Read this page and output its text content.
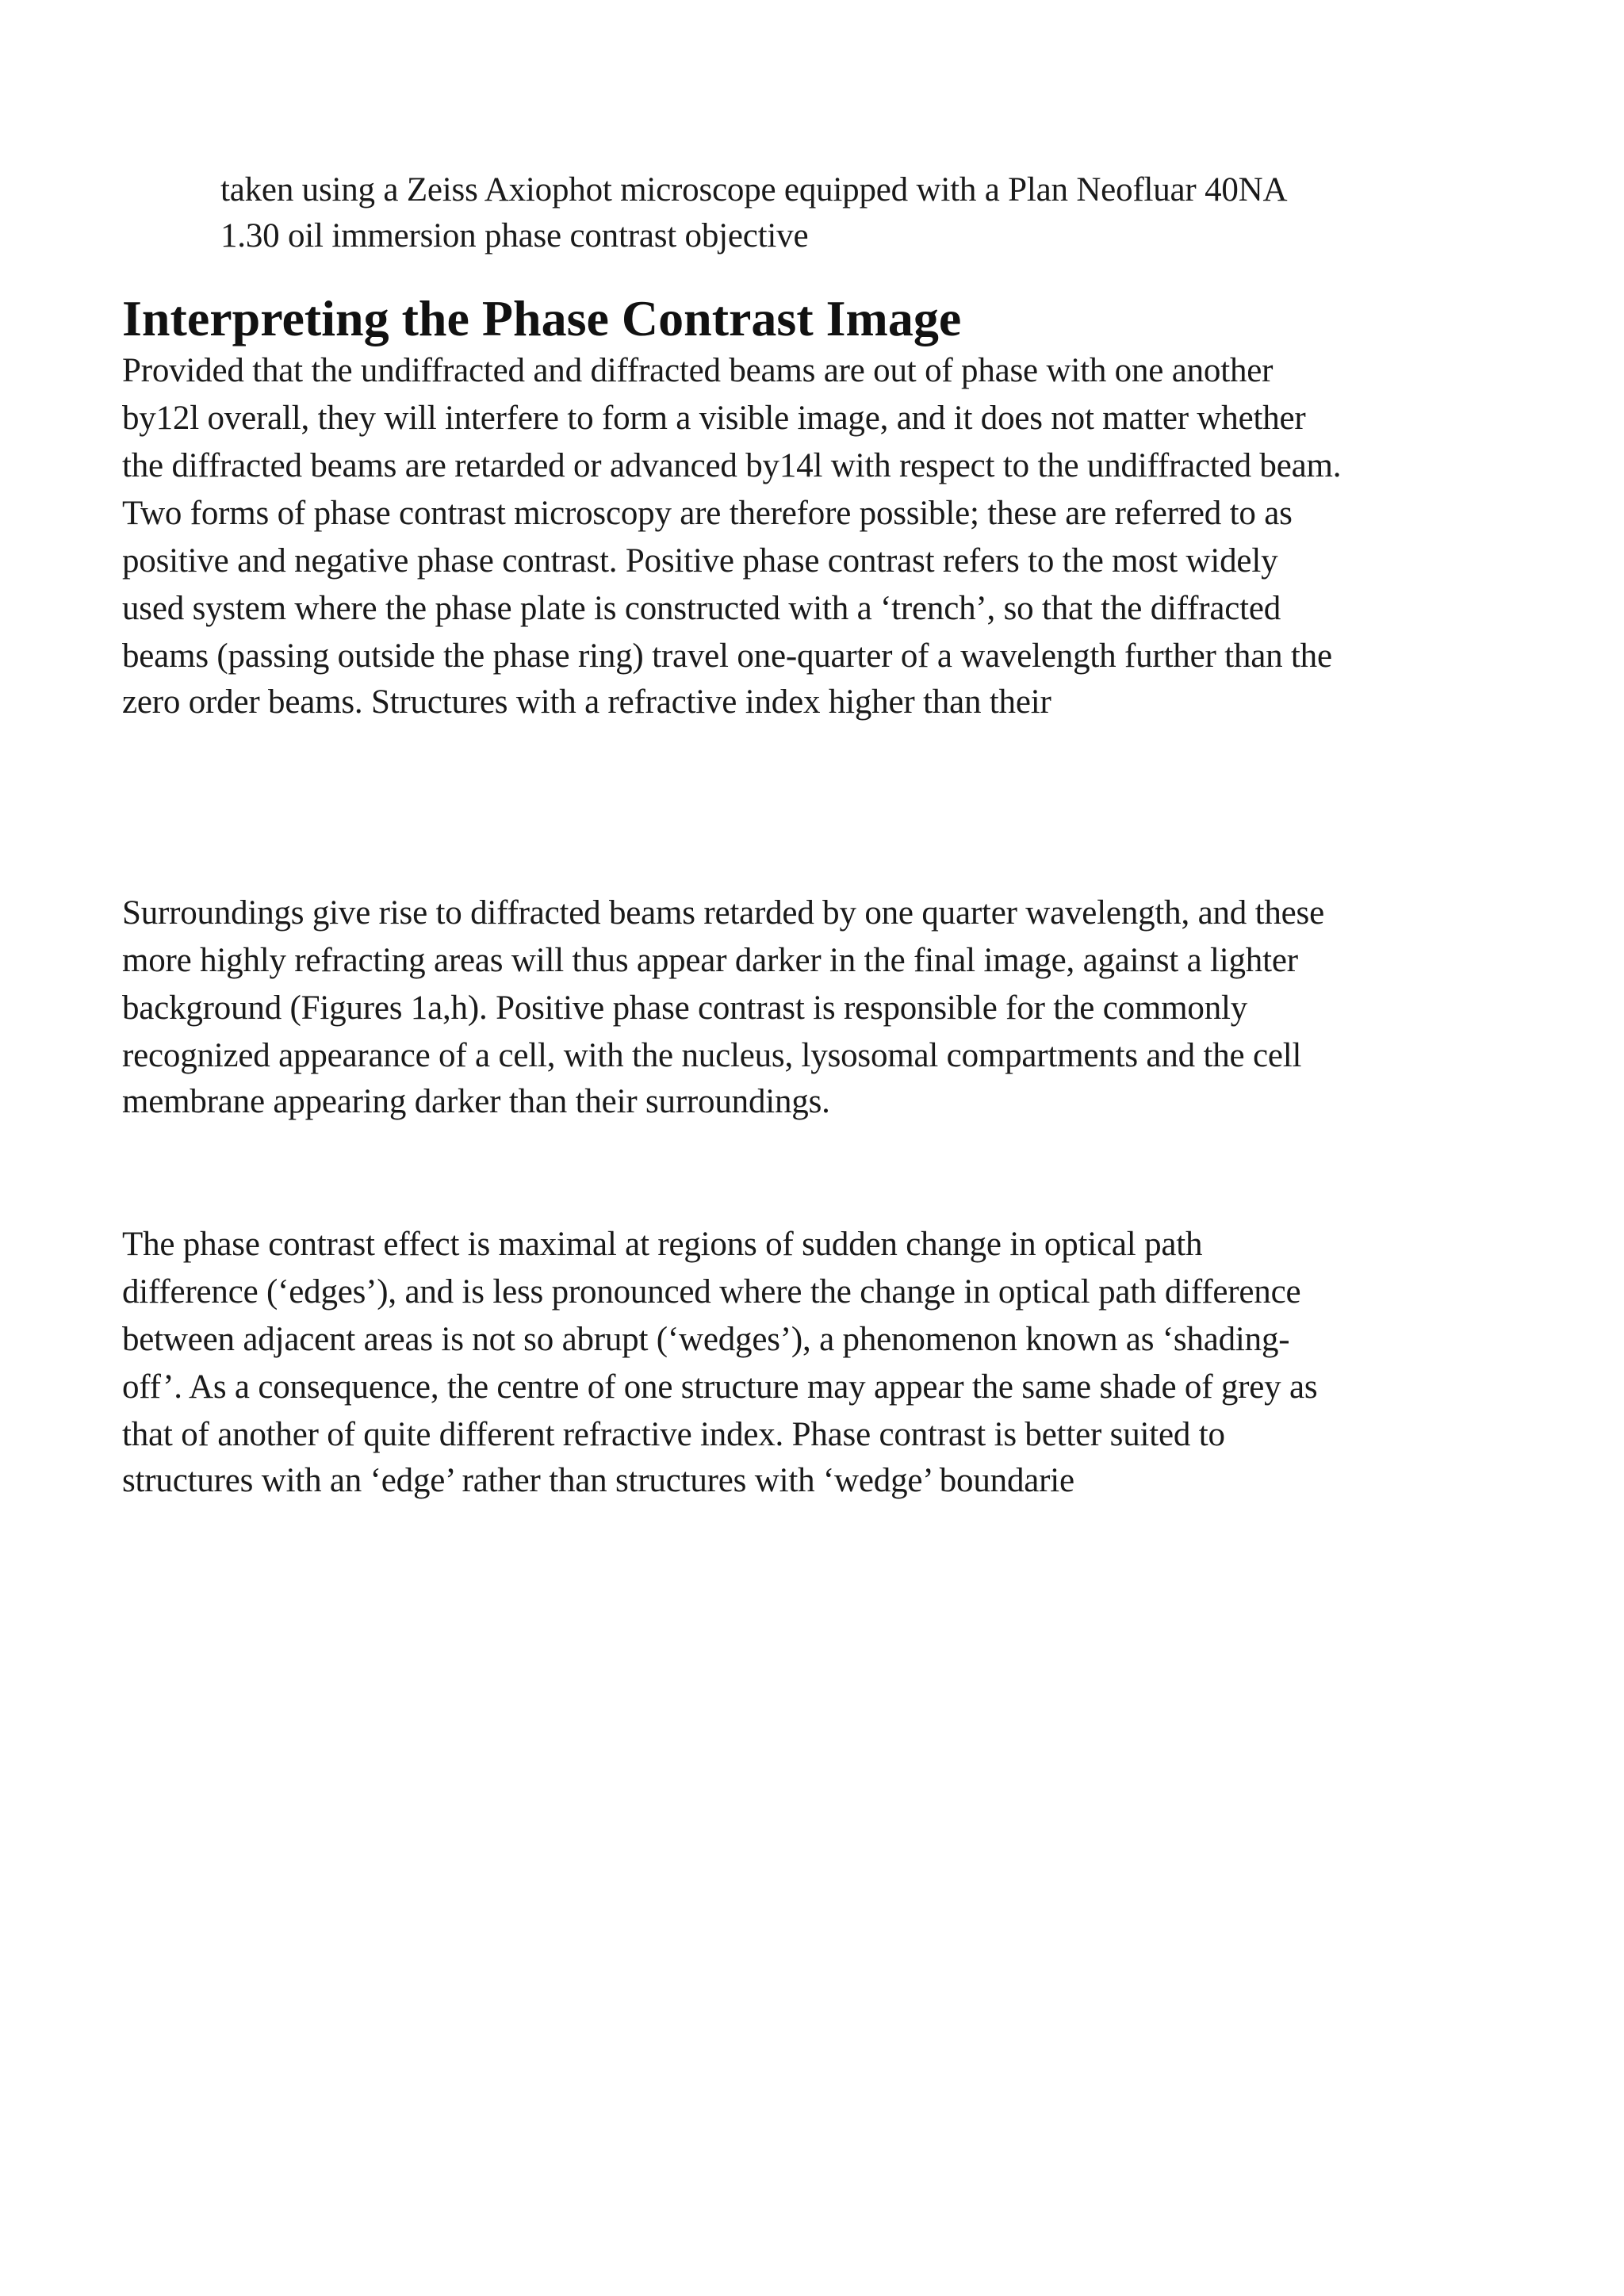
taken using a Zeiss Axiophot microscope equipped with a Plan Neofluar 40NA
1.30 oil immersion phase contrast objective
Interpreting the Phase Contrast Image
Provided that the undiffracted and diffracted beams are out of phase with one another
by12l overall, they will interfere to form a visible image, and it does not matter whether
the diffracted beams are retarded or advanced by14l with respect to the undiffracted beam.
Two forms of phase contrast microscopy are therefore possible; these are referred to as
positive and negative phase contrast. Positive phase contrast refers to the most widely
used system where the phase plate is constructed with a ‘trench’, so that the diffracted
beams (passing outside the phase ring) travel one-quarter of a wavelength further than the
zero order beams. Structures with a refractive index higher than their
Surroundings give rise to diffracted beams retarded by one quarter wavelength, and these
more highly refracting areas will thus appear darker in the final image, against a lighter
background (Figures 1a,h). Positive phase contrast is responsible for the commonly
recognized appearance of a cell, with the nucleus, lysosomal compartments and the cell
membrane appearing darker than their surroundings.
The phase contrast effect is maximal at regions of sudden change in optical path
difference (‘edges’), and is less pronounced where the change in optical path difference
between adjacent areas is not so abrupt (‘wedges’), a phenomenon known as ‘shading-
off’. As a consequence, the centre of one structure may appear the same shade of grey as
that of another of quite different refractive index. Phase contrast is better suited to
structures with an ‘edge’ rather than structures with ‘wedge’ boundarie
